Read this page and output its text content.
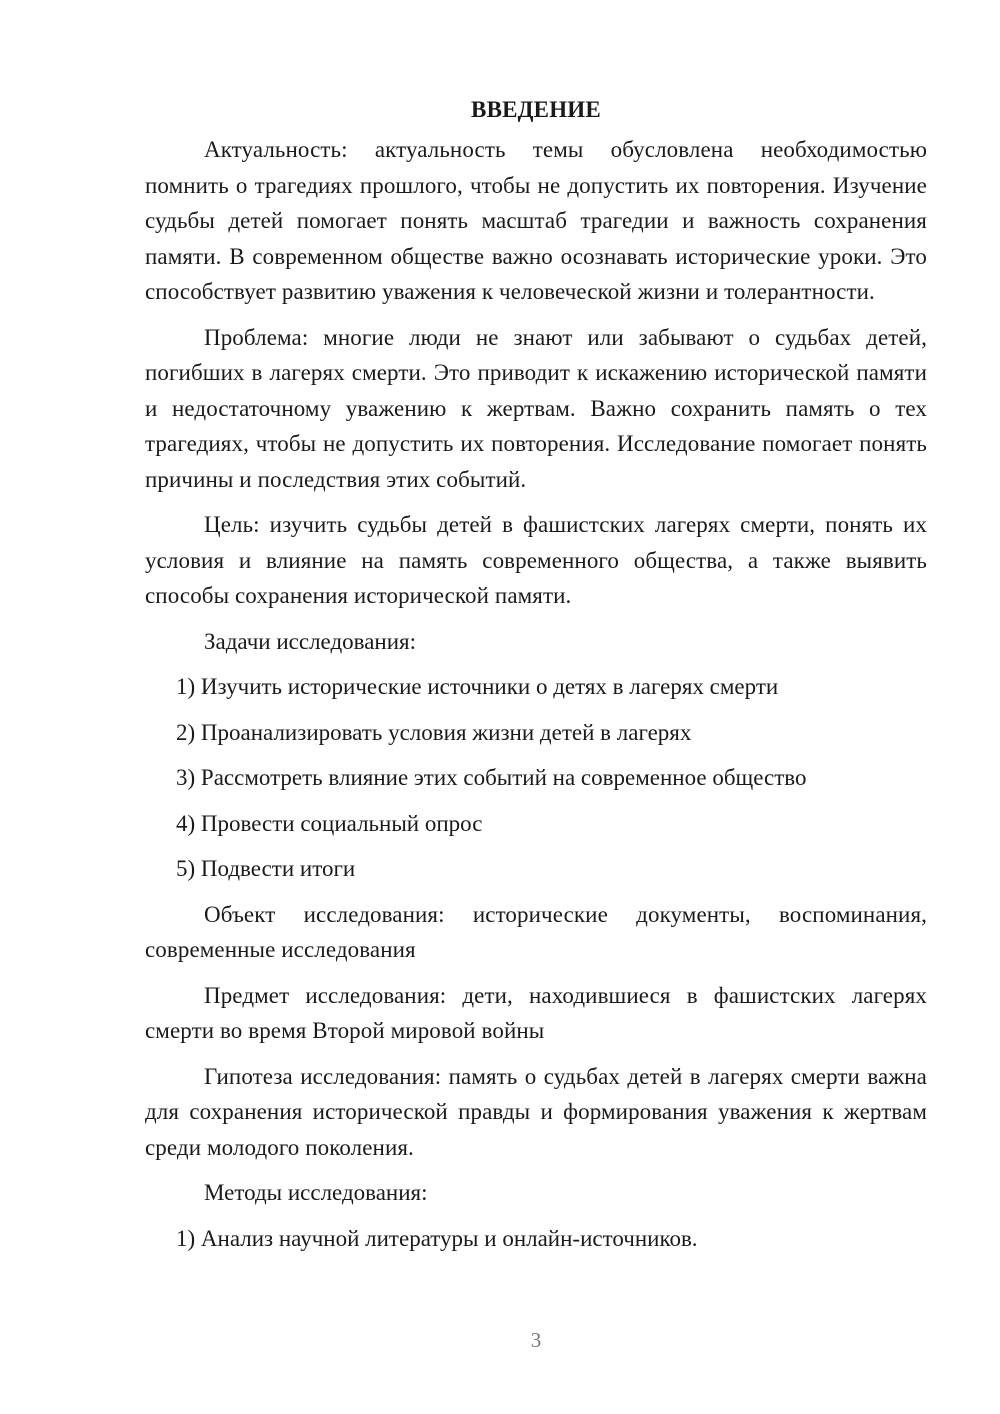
ВВЕДЕНИЕ

Актуальность: актуальность темы обусловлена необходимостью помнить о трагедиях прошлого, чтобы не допустить их повторения. Изучение судьбы детей помогает понять масштаб трагедии и важность сохранения памяти. В современном обществе важно осознавать исторические уроки. Это способствует развитию уважения к человеческой жизни и толерантности.

Проблема: многие люди не знают или забывают о судьбах детей, погибших в лагерях смерти. Это приводит к искажению исторической памяти и недостаточному уважению к жертвам. Важно сохранить память о тех трагедиях, чтобы не допустить их повторения. Исследование помогает понять причины и последствия этих событий.

Цель: изучить судьбы детей в фашистских лагерях смерти, понять их условия и влияние на память современного общества, а также выявить способы сохранения исторической памяти.

Задачи исследования:

1) Изучить исторические источники о детях в лагерях смерти

2) Проанализировать условия жизни детей в лагерях

3) Рассмотреть влияние этих событий на современное общество

4) Провести социальный опрос

5) Подвести итоги

Объект исследования: исторические документы, воспоминания, современные исследования

Предмет исследования: дети, находившиеся в фашистских лагерях смерти во время Второй мировой войны

Гипотеза исследования: память о судьбах детей в лагерях смерти важна для сохранения исторической правды и формирования уважения к жертвам среди молодого поколения.

Методы исследования:

1) Анализ научной литературы и онлайн-источников.

3
